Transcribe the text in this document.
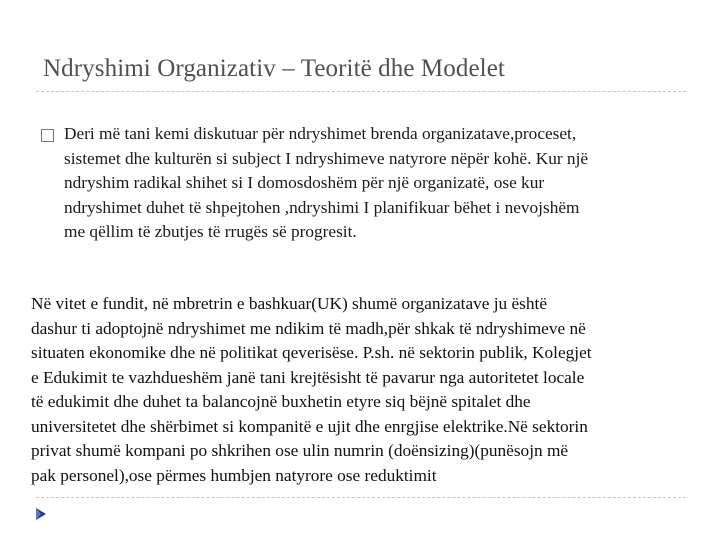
Ndryshimi Organizativ – Teoritë dhe Modelet
Deri më tani kemi diskutuar për ndryshimet brenda organizatave,proceset,
sistemet dhe kulturën si subject I ndryshimeve natyrore nëpër kohë. Kur një
ndryshim radikal shihet si I domosdoshëm për një organizatë, ose kur
ndryshimet duhet të shpejtohen ,ndryshimi I planifikuar bëhet i nevojshëm
me qëllim të zbutjes të rrugës së progresit.
Në vitet e fundit, në mbretrin e bashkuar(UK) shumë organizatave ju është
dashur ti adoptojnë ndryshimet me ndikim të madh,për shkak të ndryshimeve në
situaten ekonomike dhe në politikat qeverisëse. P.sh. në sektorin publik, Kolegjet
e Edukimit te vazhdueshëm janë tani krejtësisht të pavarur nga autoritetet locale
të edukimit dhe duhet ta balancojnë buxhetin etyre siq bëjnë spitalet dhe
universitetet dhe shërbimet si kompanitë e ujit dhe enrgjise elektrike.Në sektorin
privat shumë kompani po shkrihen ose ulin numrin (doënsizing)(punësojn më
pak personel),ose përmes humbjen natyrore ose reduktimit
